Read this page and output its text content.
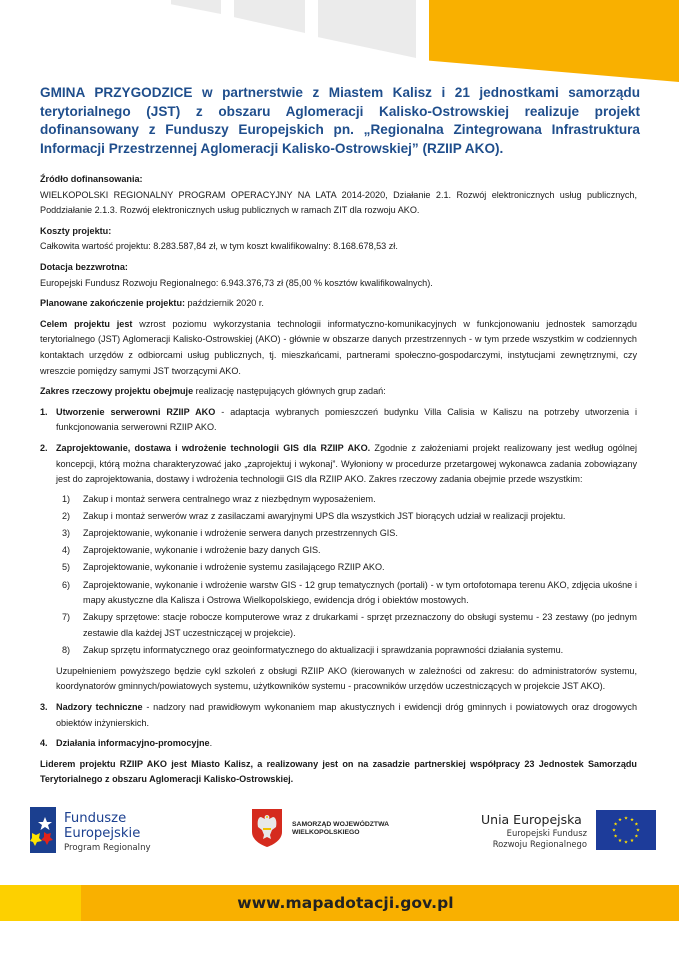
GMINA PRZYGODZICE w partnerstwie z Miastem Kalisz i 21 jednostkami samorządu terytorialnego (JST) z obszaru Aglomeracji Kalisko-Ostrowskiej realizuje projekt dofinansowany z Funduszy Europejskich pn. „Regionalna Zintegrowana Infrastruktura Informacji Przestrzennej Aglomeracji Kalisko-Ostrowskiej” (RZIIP AKO).
Źródło dofinansowania:

WIELKOPOLSKI REGIONALNY PROGRAM OPERACYJNY NA LATA 2014-2020, Działanie 2.1. Rozwój elektronicznych usług publicznych, Poddziałanie 2.1.3. Rozwój elektronicznych usług publicznych w ramach ZIT dla rozwoju AKO.

Koszty projektu:

Całkowita wartość projektu: 8.283.587,84 zł, w tym koszt kwalifikowalny: 8.168.678,53 zł.

Dotacja bezzwrotna:

Europejski Fundusz Rozwoju Regionalnego: 6.943.376,73 zł (85,00 % kosztów kwalifikowalnych).

Planowane zakończenie projektu: październik 2020 r.

Celem projektu jest wzrost poziomu wykorzystania technologii informatyczno-komunikacyjnych w funkcjonowaniu jednostek samorządu terytorialnego (JST) Aglomeracji Kalisko-Ostrowskiej (AKO) - głównie w obszarze danych przestrzennych - w tym przede wszystkim w codziennych kontaktach urzędów z odbiorcami usług publicznych, tj. mieszkańcami, partnerami społeczno-gospodarczymi, instytucjami zewnętrznymi, czy wreszcie pomiędzy samymi JST tworzącymi AKO.

Zakres rzeczowy projektu obejmuje realizację następujących głównych grup zadań:

1. Utworzenie serwerowni RZIIP AKO - adaptacja wybranych pomieszczeń budynku Villa Calisia w Kaliszu na potrzeby utworzenia i funkcjonowania serwerowni RZIIP AKO.
2. Zaprojektowanie, dostawa i wdrożenie technologii GIS dla RZIIP AKO. Zgodnie z założeniami projekt realizowany jest według ogólnej koncepcji, którą można charakteryzować jako „zaprojektuj i wykonaj”. Wyłoniony w procedurze przetargowej wykonawca zadania zobowiązany jest do zaprojektowania, dostawy i wdrożenia technologii GIS dla RZIIP AKO. Zakres rzeczowy zadania obejmie przede wszystkim:

1) Zakup i montaż serwera centralnego wraz z niezbędnym wyposażeniem.
2) Zakup i montaż serwerów wraz z zasilaczami awaryjnymi UPS dla wszystkich JST biorących udział w realizacji projektu.
3) Zaprojektowanie, wykonanie i wdrożenie serwera danych przestrzennych GIS.
4) Zaprojektowanie, wykonanie i wdrożenie bazy danych GIS.
5) Zaprojektowanie, wykonanie i wdrożenie systemu zasilającego RZIIP AKO.
6) Zaprojektowanie, wykonanie i wdrożenie warstw GIS - 12 grup tematycznych (portali) - w tym ortofotomapa terenu AKO, zdjęcia ukośne i mapy akustyczne dla Kalisza i Ostrowa Wielkopolskiego, ewidencja dróg i obiektów mostowych.
7) Zakupy sprzętowe: stacje robocze komputerowe wraz z drukarkami - sprzęt przeznaczony do obsługi systemu - 23 zestawy (po jednym zestawie dla każdej JST uczestniczącej w projekcie).
8) Zakup sprzętu informatycznego oraz geoinformatycznego do aktualizacji i sprawdzania poprawności działania systemu.

Uzupełnieniem powyższego będzie cykl szkoleń z obsługi RZIIP AKO (kierowanych w zależności od zakresu: do administratorów systemu, koordynatorów gminnych/powiatowych systemu, użytkowników systemu - pracowników urzędów uczestniczących w projekcie JST AKO).

3. Nadzory techniczne - nadzory nad prawidłowym wykonaniem map akustycznych i ewidencji dróg gminnych i powiatowych oraz drogowych obiektów inżynierskich.
4. Działania informacyjno-promocyjne.

Liderem projektu RZIIP AKO jest Miasto Kalisz, a realizowany jest on na zasadzie partnerskiej współpracy 23 Jednostek Samorządu Terytorialnego z obszaru Aglomeracji Kalisko-Ostrowskiej.

Fundusze
Europejskie
Program Regionalny
SAMORZĄD WOJEWÓDZTWA
WIELKOPOLSKIEGO
Unia Europejska
Europejski Fundusz
Rozwoju Regionalnego
www.mapadotacji.gov.pl
